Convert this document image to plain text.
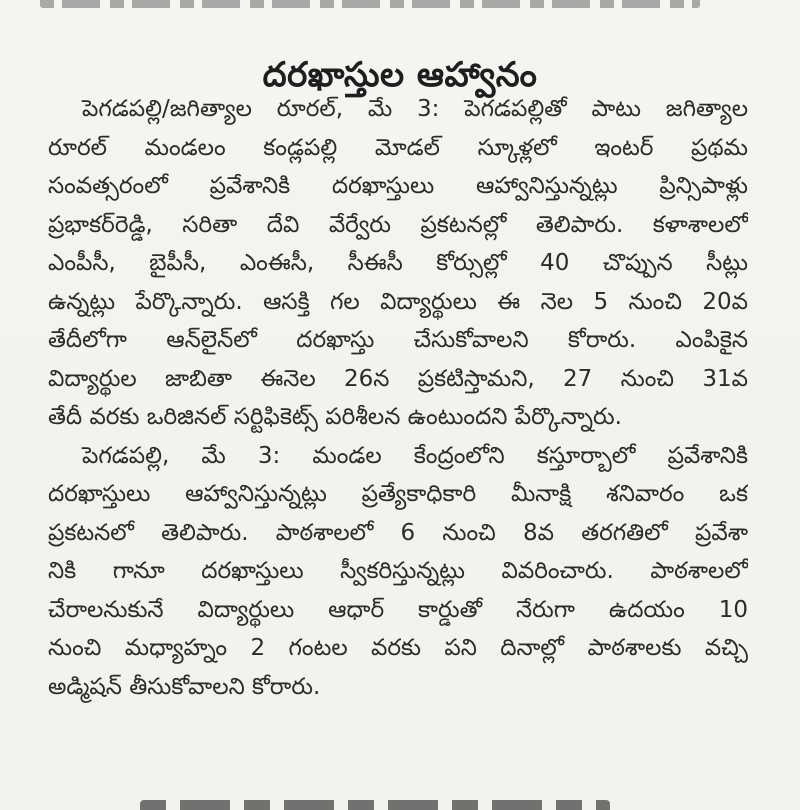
దరఖాస్తుల ఆహ్వానం

పెగడపల్లి/జగిత్యాల రూరల్, మే 3: పెగడపల్లితో పాటు జగిత్యాల
రూరల్ మండలం కండ్లపల్లి మోడల్ స్కూళ్లలో ఇంటర్ ప్రథమ
సంవత్సరంలో ప్రవేశానికి దరఖాస్తులు ఆహ్వానిస్తున్నట్లు ప్రిన్సిపాళ్లు
ప్రభాకర్‌రెడ్డి, సరితా దేవి వేర్వేరు ప్రకటనల్లో తెలిపారు. కళాశాలలో
ఎంపీసీ, బైపీసీ, ఎంఈసీ, సీఈసీ కోర్సుల్లో 40 చొప్పున సీట్లు
ఉన్నట్లు పేర్కొన్నారు. ఆసక్తి గల విద్యార్థులు ఈ నెల 5 నుంచి 20వ
తేదీలోగా ఆన్‌లైన్‌లో దరఖాస్తు చేసుకోవాలని కోరారు. ఎంపికైన
విద్యార్థుల జాబితా ఈనెల 26న ప్రకటిస్తామని, 27 నుంచి 31వ
తేదీ వరకు ఒరిజినల్ సర్టిఫికెట్స్ పరిశీలన ఉంటుందని పేర్కొన్నారు.

పెగడపల్లి, మే 3: మండల కేంద్రంలోని కస్తూర్బాలో ప్రవేశానికి
దరఖాస్తులు ఆహ్వానిస్తున్నట్లు ప్రత్యేకాధికారి మీనాక్షి శనివారం ఒక
ప్రకటనలో తెలిపారు. పాఠశాలలో 6 నుంచి 8వ తరగతిలో ప్రవేశా
నికి గానూ దరఖాస్తులు స్వీకరిస్తున్నట్లు వివరించారు. పాఠశాలలో
చేరాలనుకునే విద్యార్థులు ఆధార్ కార్డుతో నేరుగా ఉదయం 10
నుంచి మధ్యాహ్నం 2 గంటల వరకు పని దినాల్లో పాఠశాలకు వచ్చి
అడ్మిషన్ తీసుకోవాలని కోరారు.
